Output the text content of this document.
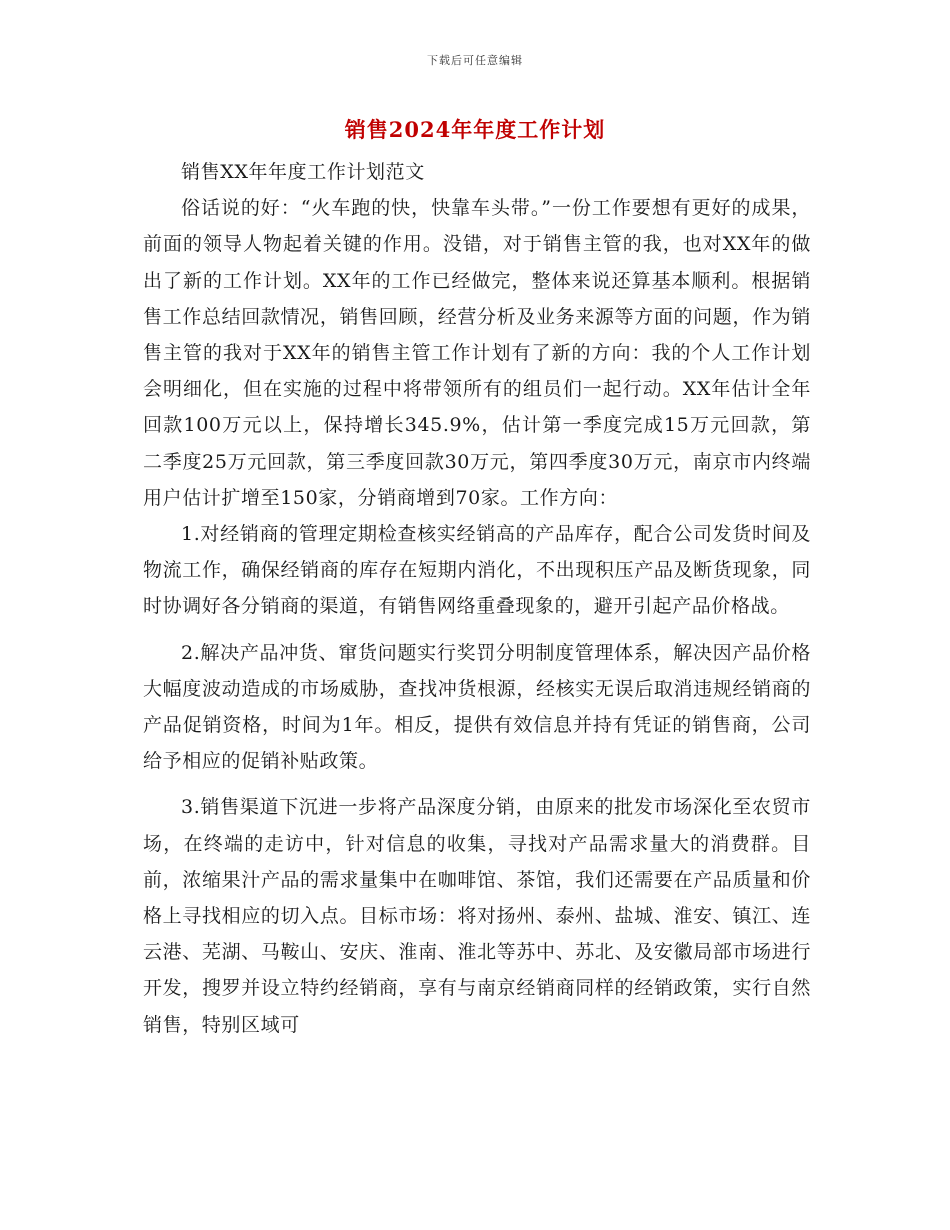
下载后可任意编辑
销售2024年年度工作计划

销售XX年年度工作计划范文

俗话说的好：“火车跑的快，快靠车头带。”一份工作要想有更好的成果，前面的领导人物起着关键的作用。没错，对于销售主管的我，也对XX年的做出了新的工作计划。XX年的工作已经做完，整体来说还算基本顺利。根据销售工作总结回款情况，销售回顾，经营分析及业务来源等方面的问题，作为销售主管的我对于XX年的销售主管工作计划有了新的方向：我的个人工作计划会明细化，但在实施的过程中将带领所有的组员们一起行动。XX年估计全年回款100万元以上，保持增长345.9%，估计第一季度完成15万元回款，第二季度25万元回款，第三季度回款30万元，第四季度30万元，南京市内终端用户估计扩增至150家，分销商增到70家。工作方向：

1.对经销商的管理定期检查核实经销高的产品库存，配合公司发货时间及物流工作，确保经销商的库存在短期内消化，不出现积压产品及断货现象，同时协调好各分销商的渠道，有销售网络重叠现象的，避开引起产品价格战。

2.解决产品冲货、窜货问题实行奖罚分明制度管理体系，解决因产品价格大幅度波动造成的市场威胁，查找冲货根源，经核实无误后取消违规经销商的产品促销资格，时间为1年。相反，提供有效信息并持有凭证的销售商，公司给予相应的促销补贴政策。

3.销售渠道下沉进一步将产品深度分销，由原来的批发市场深化至农贸市场，在终端的走访中，针对信息的收集，寻找对产品需求量大的消费群。目前，浓缩果汁产品的需求量集中在咖啡馆、茶馆，我们还需要在产品质量和价格上寻找相应的切入点。目标市场：将对扬州、泰州、盐城、淮安、镇江、连云港、芜湖、马鞍山、安庆、淮南、淮北等苏中、苏北、及安徽局部市场进行开发，搜罗并设立特约经销商，享有与南京经销商同样的经销政策，实行自然销售，特别区域可
